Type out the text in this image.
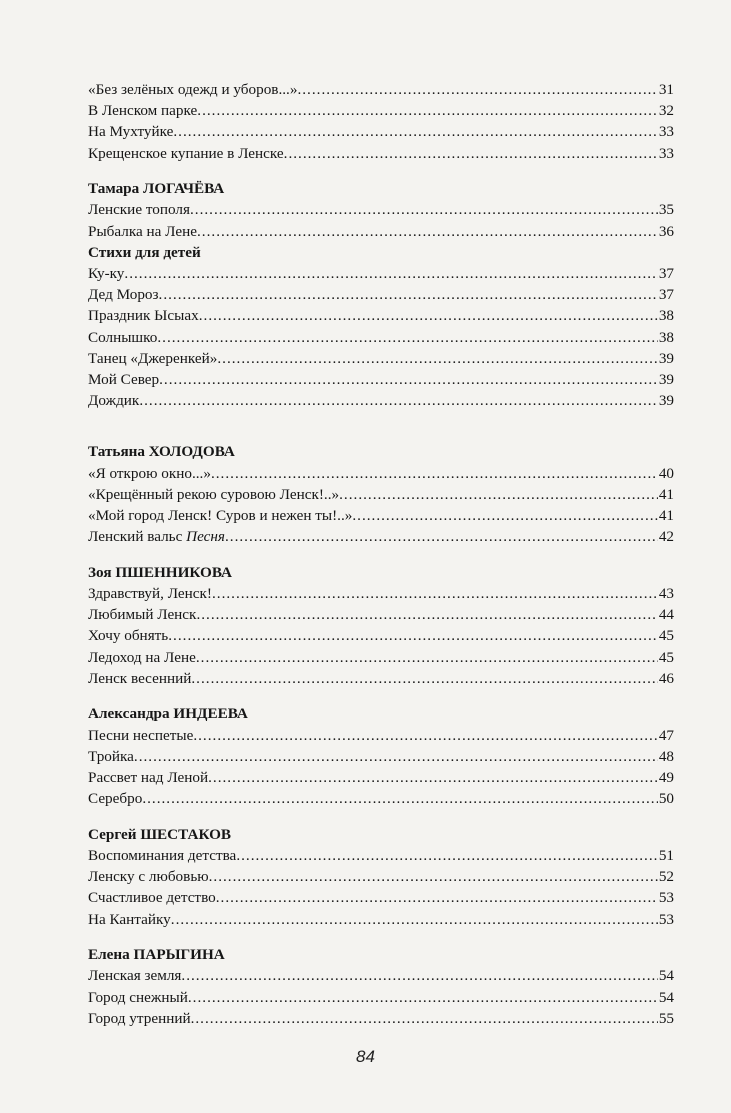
«Без зелёных одежд и уборов...» .....	31
В Ленском парке .....	32
На Мухтуйке .....	33
Крещенское купание в Ленске .....	33
Тамара ЛОГАЧЁВА
Ленские тополя .....	35
Рыбалка на Лене .....	36
Стихи для детей
Ку-ку .....	37
Дед Мороз .....	37
Праздник Ысыах .....	38
Солнышко .....	38
Танец «Джеренкей» .....	39
Мой Север .....	39
Дождик .....	39
Татьяна ХОЛОДОВА
«Я открою окно...» .....	40
«Крещённый рекою суровою Ленск!..» .....	41
«Мой город Ленск! Суров и нежен ты!..» .....	41
Ленский вальс Песня .....	42
Зоя ПШЕННИКОВА
Здравствуй, Ленск! .....	43
Любимый Ленск .....	44
Хочу обнять .....	45
Ледоход на Лене .....	45
Ленск весенний .....	46
Александра ИНДЕЕВА
Песни неспетые .....	47
Тройка .....	48
Рассвет над Леной .....	49
Серебро .....	50
Сергей ШЕСТАКОВ
Воспоминания детства .....	51
Ленску с любовью .....	52
Счастливое детство .....	53
На Кантайку .....	53
Елена ПАРЫГИНА
Ленская земля .....	54
Город снежный .....	54
Город утренний .....	55
84
